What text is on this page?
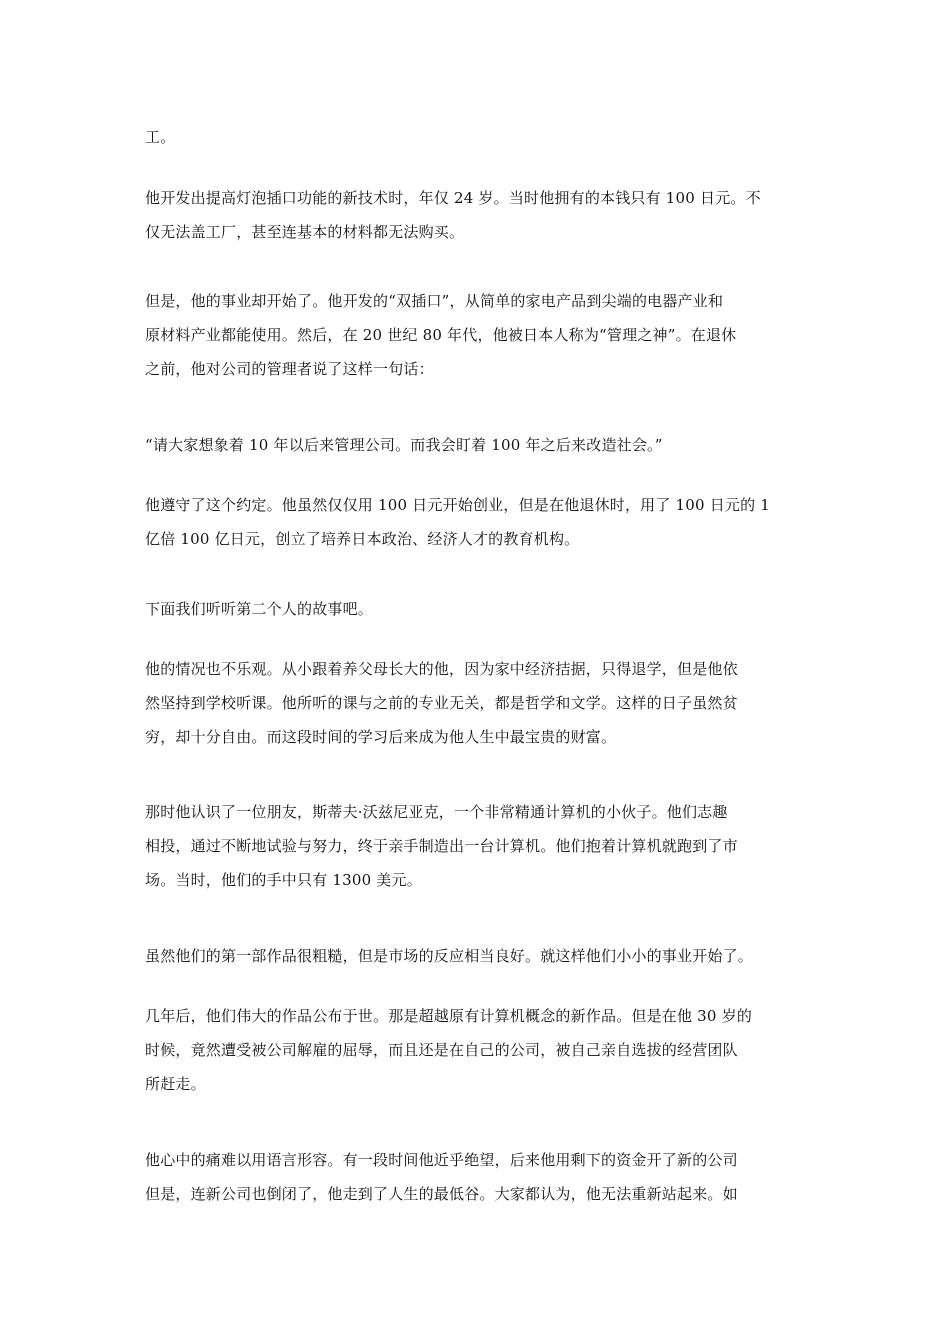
工。
他开发出提高灯泡插口功能的新技术时，年仅 24 岁。当时他拥有的本钱只有 100 日元。不
仅无法盖工厂，甚至连基本的材料都无法购买。
但是，他的事业却开始了。他开发的“双插口”，从简单的家电产品到尖端的电器产业和
原材料产业都能使用。然后，在 20 世纪 80 年代，他被日本人称为“管理之神”。在退休
之前，他对公司的管理者说了这样一句话：
“请大家想象着 10 年以后来管理公司。而我会盯着 100 年之后来改造社会。”
他遵守了这个约定。他虽然仅仅用 100 日元开始创业，但是在他退休时，用了 100 日元的 1
亿倍 100 亿日元，创立了培养日本政治、经济人才的教育机构。
下面我们听听第二个人的故事吧。
他的情况也不乐观。从小跟着养父母长大的他，因为家中经济拮据，只得退学，但是他依
然坚持到学校听课。他所听的课与之前的专业无关，都是哲学和文学。这样的日子虽然贫
穷，却十分自由。而这段时间的学习后来成为他人生中最宝贵的财富。
那时他认识了一位朋友，斯蒂夫·沃兹尼亚克，一个非常精通计算机的小伙子。他们志趣
相投，通过不断地试验与努力，终于亲手制造出一台计算机。他们抱着计算机就跑到了市
场。当时，他们的手中只有 1300 美元。
虽然他们的第一部作品很粗糙，但是市场的反应相当良好。就这样他们小小的事业开始了。
几年后，他们伟大的作品公布于世。那是超越原有计算机概念的新作品。但是在他 30 岁的
时候，竟然遭受被公司解雇的屈辱，而且还是在自己的公司，被自己亲自选拔的经营团队
所赶走。
他心中的痛难以用语言形容。有一段时间他近乎绝望，后来他用剩下的资金开了新的公司
但是，连新公司也倒闭了，他走到了人生的最低谷。大家都认为，他无法重新站起来。如
